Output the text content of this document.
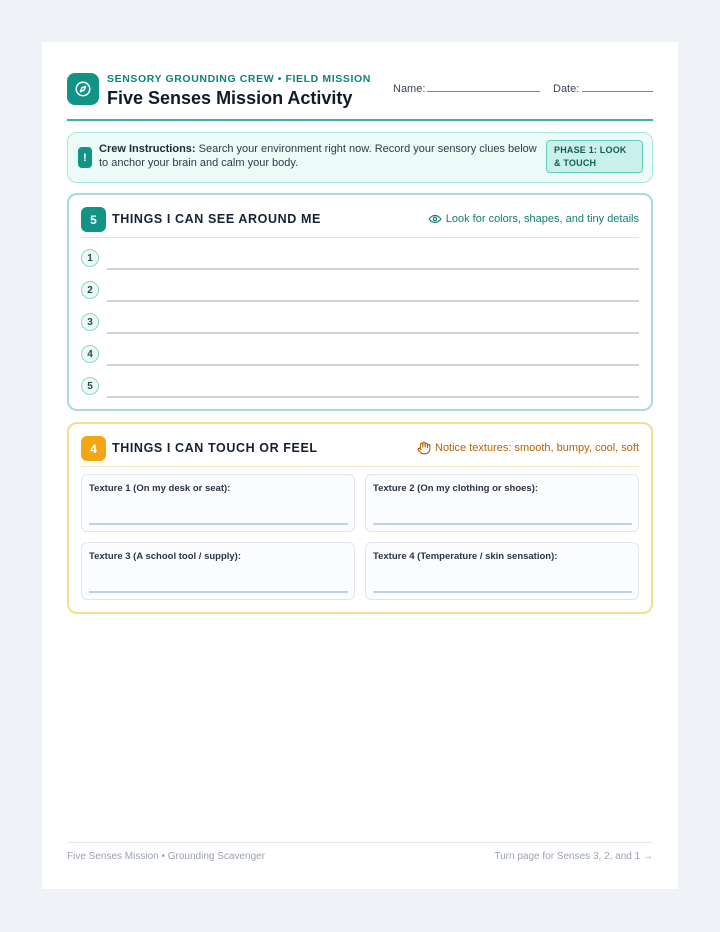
SENSORY GROUNDING CREW • FIELD MISSION
Five Senses Mission Activity	Name:	Date:
!
Crew Instructions: Search your environment right now. Record your sensory clues below to anchor your brain and calm your body.
PHASE 1: LOOK & TOUCH
5	THINGS I CAN SEE AROUND ME	Look for colors, shapes, and tiny details
1
2
3
4
5
4	THINGS I CAN TOUCH OR FEEL	Notice textures: smooth, bumpy, cool, soft
Texture 1 (On my desk or seat):	Texture 2 (On my clothing or shoes):
Texture 3 (A school tool / supply):	Texture 4 (Temperature / skin sensation):
Five Senses Mission • Grounding Scavenger	Turn page for Senses 3, 2, and 1 →
